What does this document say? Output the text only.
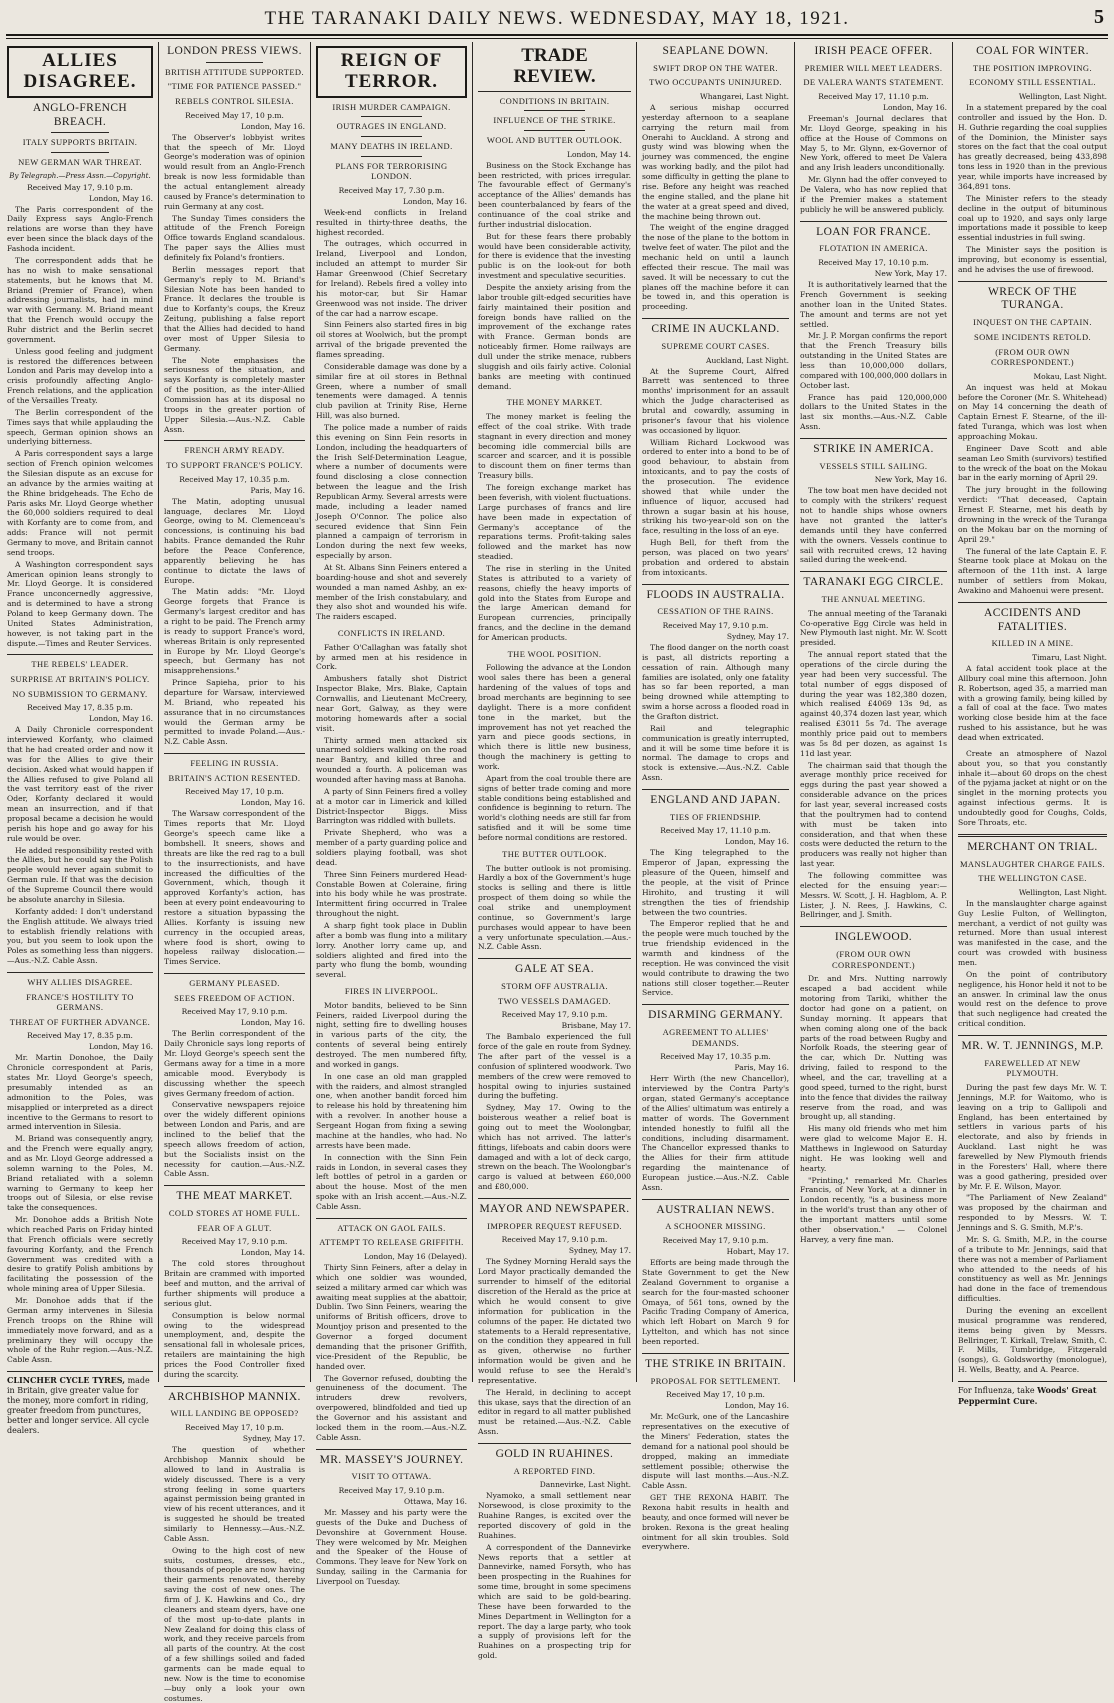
THE TARANAKI DAILY NEWS. WEDNESDAY, MAY 18, 1921.	5
ALLIES DISAGREE.
ANGLO-FRENCH BREACH.
ITALY SUPPORTS BRITAIN.
NEW GERMAN WAR THREAT.
By Telegraph.—Press Assn.—Copyright.
Received May 17, 9.10 p.m.
London, May 16.

The Paris correspondent of the Daily Express says Anglo-French relations are worse than they have ever been since the black days of the Fashoda incident.

The correspondent adds that he has no wish to make sensational statements, but he knows that M. Briand (Premier of France), when addressing journalists, had in mind war with Germany. M. Briand meant that the French would occupy the Ruhr district and the Berlin secret government.

Unless good feeling and judgment is restored the differences between London and Paris may develop into a crisis profoundly affecting Anglo-French relations, and the application of the Versailles Treaty.

The Berlin correspondent of the Times says that while applauding the speech, German opinion shows an underlying bitterness.

A Paris correspondent says a large section of French opinion welcomes the Silesian dispute as an excuse for an advance by the armies waiting at the Rhine bridgeheads. The Echo de Paris asks Mr. Lloyd George whether the 60,000 soldiers required to deal with Korfanty are to come from, and adds: France will not permit Germany to move, and Britain cannot send troops.

A Washington correspondent says American opinion leans strongly to Mr. Lloyd George. It is considered France unconcernedly aggressive, and is determined to have a strong Poland to keep Germany down. The United States Administration, however, is not taking part in the dispute.—Times and Reuter Services.

THE REBELS' LEADER.
SURPRISE AT BRITAIN'S POLICY.
NO SUBMISSION TO GERMANY.
Received May 17, 8.35 p.m.
London, May 16.

A Daily Chronicle correspondent interviewed Korfanty, who claimed that he had created order and now it was for the Allies to give their decision. Asked what would happen if the Allies refused to give Poland all the vast territory east of the river Oder, Korfanty declared it would mean an insurrection, and if that proposal became a decision he would perish his hope and go away for his rule would be over.

He added responsibility rested with the Allies, but he could say the Polish people would never again submit to German rule. If that was the decision of the Supreme Council there would be absolute anarchy in Silesia.

Korfanty added: I don't understand the English attitude. We always tried to establish friendly relations with you, but you seem to look upon the Poles as something less than niggers.—Aus.-N.Z. Cable Assn.

WHY ALLIES DISAGREE.
FRANCE'S HOSTILITY TO GERMANS.
THREAT OF FURTHER ADVANCE.
Received May 17, 8.35 p.m.
London, May 16.

Mr. Martin Donohoe, the Daily Chronicle correspondent at Paris, states Mr. Lloyd George's speech, presumably intended as an admonition to the Poles, was misapplied or interpreted as a direct incentive to the Germans to resort to armed intervention in Silesia.

M. Briand was consequently angry, and the French were equally angry, and as Mr. Lloyd George addressed a solemn warning to the Poles, M. Briand retaliated with a solemn warning to Germany to keep her troops out of Silesia, or else revise take the consequences.

Mr. Donohoe adds a British Note which reached Paris on Friday hinted that French officials were secretly favouring Korfanty, and the French Government was credited with a desire to gratify Polish ambitions by facilitating the possession of the whole mining area of Upper Silesia.

Mr. Donohoe adds that if the German army intervenes in Silesia French troops on the Rhine will immediately move forward, and as a preliminary they will occupy the whole of the Ruhr region.—Aus.-N.Z. Cable Assn.

CLINCHER CYCLE TYRES, made in Britain, give greater value for the money, more comfort in riding, greater freedom from punctures, better and longer service. All cycle dealers.
LONDON PRESS VIEWS.
BRITISH ATTITUDE SUPPORTED.
"TIME FOR PATIENCE PASSED."
REBELS CONTROL SILESIA.
Received May 17, 10 p.m.
London, May 16.

The Observer's lobbyist writes that the speech of Mr. Lloyd George's moderation was of opinion would result from an Anglo-French break is now less formidable than the actual entanglement already caused by France's determination to ruin Germany at any cost.

The Sunday Times considers the attitude of the French Foreign Office towards England scandalous. The paper says the Allies must definitely fix Poland's frontiers.

Berlin messages report that Germany's reply to M. Briand's Silesian Note has been handed to France. It declares the trouble is due to Korfanty's coups, the Kreuz Zeitung, publishing a false report that the Allies had decided to hand over most of Upper Silesia to Germany.

The Note emphasises the seriousness of the situation, and says Korfanty is completely master of the position, as the inter-Allied Commission has at its disposal no troops in the greater portion of Upper Silesia.—Aus.-N.Z. Cable Assn.

FRENCH ARMY READY.
TO SUPPORT FRANCE'S POLICY.
Received May 17, 10.35 p.m.
Paris, May 16.

The Matin, adopting unusual language, declares Mr. Lloyd George, owing to M. Clemenceau's concessions, is continuing his bad habits. France demanded the Ruhr before the Peace Conference, apparently believing he has continue to dictate the laws of Europe.

The Matin adds: "Mr. Lloyd George forgets that France is Germany's largest creditor and has a right to be paid. The French army is ready to support France's word, whereas Britain is only represented in Europe by Mr. Lloyd George's speech, but Germany has not misapprehensions."

Prince Sapieha, prior to his departure for Warsaw, interviewed M. Briand, who repeated his assurance that in no circumstances would the German army be permitted to invade Poland.—Aus.-N.Z. Cable Assn.

FEELING IN RUSSIA.
BRITAIN'S ACTION RESENTED.
Received May 17, 10 p.m.
London, May 16.

The Warsaw correspondent of the Times reports that Mr. Lloyd George's speech came like a bombshell. It sneers, shows and threats are like the red rag to a bull to the insurrectionists, and have increased the difficulties of the Government, which, though it approved Korfanty's action, has been at every point endeavouring to restore a situation bypassing the Allies. Korfanty is issuing new currency in the occupied areas, where food is short, owing to hopeless railway dislocation.—Times Service.

GERMANY PLEASED.
SEES FREEDOM OF ACTION.
Received May 17, 9.10 p.m.
London, May 16.

The Berlin correspondent of the Daily Chronicle says long reports of Mr. Lloyd George's speech sent the Germans away for a time in a more amicable mood. Everybody is discussing whether the speech gives Germany freedom of action.

Conservative newspapers rejoice over the widely different opinions between London and Paris, and are inclined to the belief that the speech allows freedom of action, but the Socialists insist on the necessity for caution.—Aus.-N.Z. Cable Assn.

THE MEAT MARKET.
COLD STORES AT HOME FULL.
FEAR OF A GLUT.
Received May 17, 9.10 p.m.
London, May 14.

The cold stores throughout Britain are crammed with imported beef and mutton, and the arrival of further shipments will produce a serious glut.

Consumption is below normal owing to the widespread unemployment, and, despite the sensational fall in wholesale prices, retailers are maintaining the high prices the Food Controller fixed during the scarcity.

ARCHBISHOP MANNIX.
WILL LANDING BE OPPOSED?
Received May 17, 10 p.m.
Sydney, May 17.

The question of whether Archbishop Mannix should be allowed to land in Australia is widely discussed. There is a very strong feeling in some quarters against permission being granted in view of his recent utterances, and it is suggested he should be treated similarly to Hennessy.—Aus.-N.Z. Cable Assn.

Owing to the high cost of new suits, costumes, dresses, etc., thousands of people are now having their garments renovated, thereby saving the cost of new ones. The firm of J. K. Hawkins and Co., dry cleaners and steam dyers, have one of the most up-to-date plants in New Zealand for doing this class of work, and they receive parcels from all parts of the country. At the cost of a few shillings soiled and faded garments can be made equal to new. Now is the time to economise—buy only a look your own costumes.

REIGN OF TERROR.
IRISH MURDER CAMPAIGN.
OUTRAGES IN ENGLAND.
MANY DEATHS IN IRELAND.
PLANS FOR TERRORISING LONDON.
Received May 17, 7.30 p.m.
London, May 16.

Week-end conflicts in Ireland resulted in thirty-three deaths, the highest recorded.

The outrages, which occurred in Ireland, Liverpool and London, included an attempt to murder Sir Hamar Greenwood (Chief Secretary for Ireland). Rebels fired a volley into his motor-car, but Sir Hamar Greenwood was not inside. The driver of the car had a narrow escape.

Sinn Feiners also started fires in big oil stores at Woolwich, but the prompt arrival of the brigade prevented the flames spreading.

Considerable damage was done by a similar fire at oil stores in Bethnal Green, where a number of small tenements were damaged. A tennis club pavilion at Trinity Rise, Herne Hill, was also burned.

The police made a number of raids this evening on Sinn Fein resorts in London, including the headquarters of the Irish Self-Determination League, where a number of documents were found disclosing a close connection between the league and the Irish Republican Army. Several arrests were made, including a leader named Joseph O'Connor. The police also secured evidence that Sinn Fein planned a campaign of terrorism in London during the next few weeks, especially by arson.

At St. Albans Sinn Feiners entered a boarding-house and shot and severely wounded a man named Ashby, an ex-member of the Irish constabulary, and they also shot and wounded his wife. The raiders escaped.

CONFLICTS IN IRELAND.

Father O'Callaghan was fatally shot by armed men at his residence in Cork.

Ambushers fatally shot District Inspector Blake, Mrs. Blake, Captain Cornwallis, and Lieutenant McCreery, near Gort, Galway, as they were motoring homewards after a social visit.

Thirty armed men attacked six unarmed soldiers walking on the road near Bantry, and killed three and wounded a fourth. A policeman was wounded after having mass at Banoha.

A party of Sinn Feiners fired a volley at a motor car in Limerick and killed District-Inspector Biggs. Miss Barrington was riddled with bullets.

Private Shepherd, who was a member of a party guarding police and soldiers playing football, was shot dead.

Three Sinn Feiners murdered Head-Constable Bowen at Coleraine, firing into his body while he was prostrate. Intermittent firing occurred in Tralee throughout the night.

A sharp fight took place in Dublin after a bomb was flung into a military lorry. Another lorry came up, and soldiers alighted and fired into the party who flung the bomb, wounding several.

FIRES IN LIVERPOOL.

Motor bandits, believed to be Sinn Feiners, raided Liverpool during the night, setting fire to dwelling houses in various parts of the city, the contents of several being entirely destroyed. The men numbered fifty, and worked in gangs.

In one case an old man grappled with the raiders, and almost strangled one, when another bandit forced him to release his hold by threatening him with a revolver. In another house a Sergeant Hogan from fixing a sewing machine at the handles, who had. No arrests have been made.

In connection with the Sinn Fein raids in London, in several cases they left bottles of petrol in a garden or about the house. Most of the men spoke with an Irish accent.—Aus.-N.Z. Cable Assn.

ATTACK ON GAOL FAILS.
ATTEMPT TO RELEASE GRIFFITH.
London, May 16 (Delayed).

Thirty Sinn Feiners, after a delay in which one soldier was wounded, seized a military armed car which was awaiting meat supplies at the abattoir, Dublin. Two Sinn Feiners, wearing the uniforms of British officers, drove to Mountjoy prison and presented to the Governor a forged document demanding that the prisoner Griffith, vice-President of the Republic, be handed over.

The Governor refused, doubting the genuineness of the document. The intruders drew revolvers, overpowered, blindfolded and tied up the Governor and his assistant and locked them in the room.—Aus.-N.Z. Cable Assn.

MR. MASSEY'S JOURNEY.
VISIT TO OTTAWA.
Received May 17, 9.10 p.m.
Ottawa, May 16.

Mr. Massey and his party were the guests of the Duke and Duchess of Devonshire at Government House. They were welcomed by Mr. Meighen and the Speaker of the House of Commons. They leave for New York on Sunday, sailing in the Carmania for Liverpool on Tuesday.

TRADE REVIEW.
CONDITIONS IN BRITAIN.
INFLUENCE OF THE STRIKE.
WOOL AND BUTTER OUTLOOK.
London, May 14.

Business on the Stock Exchange has been restricted, with prices irregular. The favourable effect of Germany's acceptance of the Allies' demands has been counterbalanced by fears of the continuance of the coal strike and further industrial dislocation.

But for these fears there probably would have been considerable activity, for there is evidence that the investing public is on the look-out for both investment and speculative securities.

Despite the anxiety arising from the labor trouble gilt-edged securities have fairly maintained their position and foreign bonds have rallied on the improvement of the exchange rates with France. German bonds are noticeably firmer. Home railways are dull under the strike menace, rubbers sluggish and oils fairly active. Colonial banks are meeting with continued demand.

THE MONEY MARKET.

The money market is feeling the effect of the coal strike. With trade stagnant in every direction and money becoming idle commercial bills are scarcer and scarcer, and it is possible to discount them on finer terms than Treasury bills.

The foreign exchange market has been feverish, with violent fluctuations. Large purchases of francs and lire have been made in expectation of Germany's acceptance of the reparations terms. Profit-taking sales followed and the market has now steadied.

The rise in sterling in the United States is attributed to a variety of reasons, chiefly the heavy imports of gold into the States from Europe and the large American demand for European currencies, principally francs, and the decline in the demand for American products.

THE WOOL POSITION.

Following the advance at the London wool sales there has been a general hardening of the values of tops and broad merchants are beginning to see daylight. There is a more confident tone in the market, but the improvement has not yet reached the yarn and piece goods sections, in which there is little new business, though the machinery is getting to work.

Apart from the coal trouble there are signs of better trade coming and more stable conditions being established and confidence is beginning to return. The world's clothing needs are still far from satisfied and it will be some time before normal conditions are restored.

THE BUTTER OUTLOOK.

The butter outlook is not promising. Hardly a box of the Government's huge stocks is selling and there is little prospect of them doing so while the coal strike and unemployment continue, so Government's large purchases would appear to have been a very unfortunate speculation.—Aus.-N.Z. Cable Assn.

GALE AT SEA.
STORM OFF AUSTRALIA.
TWO VESSELS DAMAGED.
Received May 17, 9.10 p.m.
Brisbane, May 17.

The Bambalo experienced the full force of the gale en route from Sydney. The after part of the vessel is a confusion of splintered woodwork. Two members of the crew were removed to hospital owing to injuries sustained during the buffeting.

Sydney, May 17. Owing to the boisterous weather a relief boat is going out to meet the Woolongbar, which has not arrived. The latter's fittings, lifeboats and cabin doors were damaged and with a lot of deck cargo, strewn on the beach. The Woolongbar's cargo is valued at between £60,000 and £80,000.

MAYOR AND NEWSPAPER.
IMPROPER REQUEST REFUSED.
Received May 17, 9.10 p.m.
Sydney, May 17.

The Sydney Morning Herald says the Lord Mayor practically demanded the surrender to himself of the editorial discretion of the Herald as the price at which he would consent to give information for publication in the columns of the paper. He dictated two statements to a Herald representative, on the condition they appeared in full as given, otherwise no further information would be given and he would refuse to see the Herald's representative.

The Herald, in declining to accept this ukase, says that the direction of an editor in regard to all matter published must be retained.—Aus.-N.Z. Cable Assn.

GOLD IN RUAHINES.
A REPORTED FIND.
Dannevirke, Last Night.

Nyamoko, a small settlement near Norsewood, is close proximity to the Ruahine Ranges, is excited over the reported discovery of gold in the Ruahines.

A correspondent of the Dannevirke News reports that a settler at Dannevirke, named Forsyth, who has been prospecting in the Ruahines for some time, brought in some specimens which are said to be gold-bearing. These have been forwarded to the Mines Department in Wellington for a report. The day a large party, who took a supply of provisions left for the Ruahines on a prospecting trip for gold.

SEAPLANE DOWN.
SWIFT DROP ON THE WATER.
TWO OCCUPANTS UNINJURED.
Whangarei, Last Night.

A serious mishap occurred yesterday afternoon to a seaplane carrying the return mail from Onerahi to Auckland. A strong and gusty wind was blowing when the journey was commenced, the engine was working badly, and the pilot had some difficulty in getting the plane to rise. Before any height was reached the engine stalled, and the plane hit the water at a great speed and dived, the machine being thrown out.

The weight of the engine dragged the nose of the plane to the bottom in twelve feet of water. The pilot and the mechanic held on until a launch effected their rescue. The mail was saved. It will be necessary to cut the planes off the machine before it can be towed in, and this operation is proceeding.

CRIME IN AUCKLAND.
SUPREME COURT CASES.
Auckland, Last Night.

At the Supreme Court, Alfred Barrett was sentenced to three months' imprisonment for an assault which the Judge characterised as brutal and cowardly, assuming in prisoner's favour that his violence was occasioned by liquor.

William Richard Lockwood was ordered to enter into a bond to be of good behaviour, to abstain from intoxicants, and to pay the costs of the prosecution. The evidence showed that while under the influence of liquor, accused had thrown a sugar basin at his house, striking his two-year-old son on the face, resulting in the loss of an eye.

Hugh Bell, for theft from the person, was placed on two years' probation and ordered to abstain from intoxicants.

FLOODS IN AUSTRALIA.
CESSATION OF THE RAINS.
Received May 17, 9.10 p.m.
Sydney, May 17.

The flood danger on the north coast is past, all districts reporting a cessation of rain. Although many families are isolated, only one fatality has so far been reported, a man being drowned while attempting to swim a horse across a flooded road in the Grafton district.

Rail and telegraphic communication is greatly interrupted, and it will be some time before it is normal. The damage to crops and stock is extensive.—Aus.-N.Z. Cable Assn.

ENGLAND AND JAPAN.
TIES OF FRIENDSHIP.
Received May 17, 11.10 p.m.
London, May 16.

The King telegraphed to the Emperor of Japan, expressing the pleasure of the Queen, himself and the people, at the visit of Prince Hirohito, and trusting it will strengthen the ties of friendship between the two countries.

The Emperor replied that he and the people were much touched by the true friendship evidenced in the warmth and kindness of the reception. He was convinced the visit would contribute to drawing the two nations still closer together.—Reuter Service.

DISARMING GERMANY.
AGREEMENT TO ALLIES' DEMANDS.
Received May 17, 10.35 p.m.
Paris, May 16.

Herr Wirth (the new Chancellor), interviewed by the Contra Party's organ, stated Germany's acceptance of the Allies' ultimatum was entirely a matter of words. The Government intended honestly to fulfil all the conditions, including disarmament. The Chancellor expressed thanks to the Allies for their firm attitude regarding the maintenance of European justice.—Aus.-N.Z. Cable Assn.

AUSTRALIAN NEWS.
A SCHOONER MISSING.
Received May 17, 9.10 p.m.
Hobart, May 17.

Efforts are being made through the State Government to get the New Zealand Government to organise a search for the four-masted schooner Omaya, of 561 tons, owned by the Pacific Trading Company of America, which left Hobart on March 9 for Lyttelton, and which has not since been reported.

THE STRIKE IN BRITAIN.
PROPOSAL FOR SETTLEMENT.
Received May 17, 10 p.m.
London, May 16.

Mr. McGurk, one of the Lancashire representatives on the executive of the Miners' Federation, states the demand for a national pool should be dropped, making an immediate settlement possible; otherwise the dispute will last months.—Aus.-N.Z. Cable Assn.

GET THE REXONA HABIT. The Rexona habit results in health and beauty, and once formed will never be broken. Rexona is the great healing ointment for all skin troubles. Sold everywhere.

IRISH PEACE OFFER.
PREMIER WILL MEET LEADERS.
DE VALERA WANTS STATEMENT.
Received May 17, 11.10 p.m.
London, May 16.

Freeman's Journal declares that Mr. Lloyd George, speaking in his office at the House of Commons on May 5, to Mr. Glynn, ex-Governor of New York, offered to meet De Valera and any Irish leaders unconditionally.

Mr. Glynn had the offer conveyed to De Valera, who has now replied that if the Premier makes a statement publicly he will be answered publicly.

LOAN FOR FRANCE.
FLOTATION IN AMERICA.
Received May 17, 10.10 p.m.
New York, May 17.

It is authoritatively learned that the French Government is seeking another loan in the United States. The amount and terms are not yet settled.

Mr. J. P. Morgan confirms the report that the French Treasury bills outstanding in the United States are less than 10,000,000 dollars, compared with 100,000,000 dollars in October last.

France has paid 120,000,000 dollars to the United States in the last six months.—Aus.-N.Z. Cable Assn.

STRIKE IN AMERICA.
VESSELS STILL SAILING.
New York, May 16.

The tow boat men have decided not to comply with the strikers' request not to handle ships whose owners have not granted the latter's demands until they have conferred with the owners. Vessels continue to sail with recruited crews, 12 having sailed during the week-end.

TARANAKI EGG CIRCLE.
THE ANNUAL MEETING.

The annual meeting of the Taranaki Co-operative Egg Circle was held in New Plymouth last night. Mr. W. Scott presided.

The annual report stated that the operations of the circle during the year had been very successful. The total number of eggs disposed of during the year was 182,380 dozen, which realised £4069 13s 9d, as against 40,374 dozen last year, which realised £3011 5s 7d. The average monthly price paid out to members was 5s 8d per dozen, as against 1s 11d last year.

The chairman said that though the average monthly price received for eggs during the past year showed a considerable advance on the prices for last year, several increased costs that the poultrymen had to contend with must be taken into consideration, and that when these costs were deducted the return to the producers was really not higher than last year.

The following committee was elected for the ensuing year:—Messrs. W. Scott, J. H. Hagblom, A. P. Lister, J. N. Rees, J. Hawkins, C. Bellringer, and J. Smith.

INGLEWOOD.
(FROM OUR OWN CORRESPONDENT.)

Dr. and Mrs. Nutting narrowly escaped a bad accident while motoring from Tariki, whither the doctor had gone on a patient, on Sunday morning. It appears that when coming along one of the back parts of the road between Rugby and Norfolk Roads, the steering gear of the car, which Dr. Nutting was driving, failed to respond to the wheel, and the car, travelling at a good speed, turned to the right, burst into the fence that divides the railway reserve from the road, and was brought up, all standing.

His many old friends who met him were glad to welcome Major E. H. Matthews in Inglewood on Saturday night. He was looking well and hearty.

"Printing," remarked Mr. Charles Francis, of New York, at a dinner in London recently, "is a business more in the world's trust than any other of the important matters until some other observation." — Colonel Harvey, a very fine man.

COAL FOR WINTER.
THE POSITION IMPROVING.
ECONOMY STILL ESSENTIAL.
Wellington, Last Night.

In a statement prepared by the coal controller and issued by the Hon. D. H. Guthrie regarding the coal supplies of the Dominion, the Minister says stores on the fact that the coal output has greatly decreased, being 433,898 tons less in 1920 than in the previous year, while imports have increased by 364,891 tons.

The Minister refers to the steady decline in the output of bituminous coal up to 1920, and says only large importations made it possible to keep essential industries in full swing.

The Minister says the position is improving, but economy is essential, and he advises the use of firewood.

WRECK OF THE TURANGA.
INQUEST ON THE CAPTAIN.
SOME INCIDENTS RETOLD.
(FROM OUR OWN CORRESPONDENT.)
Mokau, Last Night.

An inquest was held at Mokau before the Coroner (Mr. S. Whitehead) on May 14 concerning the death of Captain Ernest F. Stearne, of the ill-fated Turanga, which was lost when approaching Mokau.

Engineer Dave Scott and able seaman Leo Smith (survivors) testified to the wreck of the boat on the Mokau bar in the early morning of April 29.

The jury brought in the following verdict: "That deceased, Captain Ernest F. Stearne, met his death by drowning in the wreck of the Turanga on the Mokau bar on the morning of April 29."

The funeral of the late Captain E. F. Stearne took place at Mokau on the afternoon of the 11th inst. A large number of settlers from Mokau, Awakino and Mahoenui were present.

ACCIDENTS AND FATALITIES.
KILLED IN A MINE.
Timaru, Last Night.

A fatal accident took place at the Allbury coal mine this afternoon. John R. Robertson, aged 35, a married man with a growing family, being killed by a fall of coal at the face. Two mates working close beside him at the face rushed to his assistance, but he was dead when extricated.

Create an atmosphere of Nazol about you, so that you constantly inhale it—about 60 drops on the chest of the pyjama jacket at night or on the singlet in the morning protects you against infectious germs. It is undoubtedly good for Coughs, Colds, Sore Throats, etc.

MERCHANT ON TRIAL.
MANSLAUGHTER CHARGE FAILS.
THE WELLINGTON CASE.
Wellington, Last Night.

In the manslaughter charge against Guy Leslie Fulton, of Wellington, merchant, a verdict of not guilty was returned. More than usual interest was manifested in the case, and the court was crowded with business men.

On the point of contributory negligence, his Honor held it not to be an answer. In criminal law the onus would rest on the defence to prove that such negligence had created the critical condition.

MR. W. T. JENNINGS, M.P.
FAREWELLED AT NEW PLYMOUTH.

During the past few days Mr. W. T. Jennings, M.P. for Waitomo, who is leaving on a trip to Gallipoli and England, has been entertained by settlers in various parts of his electorate, and also by friends in Auckland. Last night he was farewelled by New Plymouth friends in the Foresters' Hall, where there was a good gathering, presided over by Mr. F. E. Wilson, Mayor.

"The Parliament of New Zealand" was proposed by the chairman and responded to by Messrs. W. T. Jennings and S. G. Smith, M.P.'s.

Mr. S. G. Smith, M.P., in the course of a tribute to Mr. Jennings, said that there was not a member of Parliament who attended to the needs of his constituency as well as Mr. Jennings had done in the face of tremendous difficulties.

During the evening an excellent musical programme was rendered, items being given by Messrs. Bellringer, T. Kirkall, Trelaw, Smith, C. F. Mills, Tumbridge, Fitzgerald (songs), G. Goldsworthy (monologue), H. Wells, Beatty, and A. Pearce.

For Influenza, take Woods' Great Peppermint Cure.
